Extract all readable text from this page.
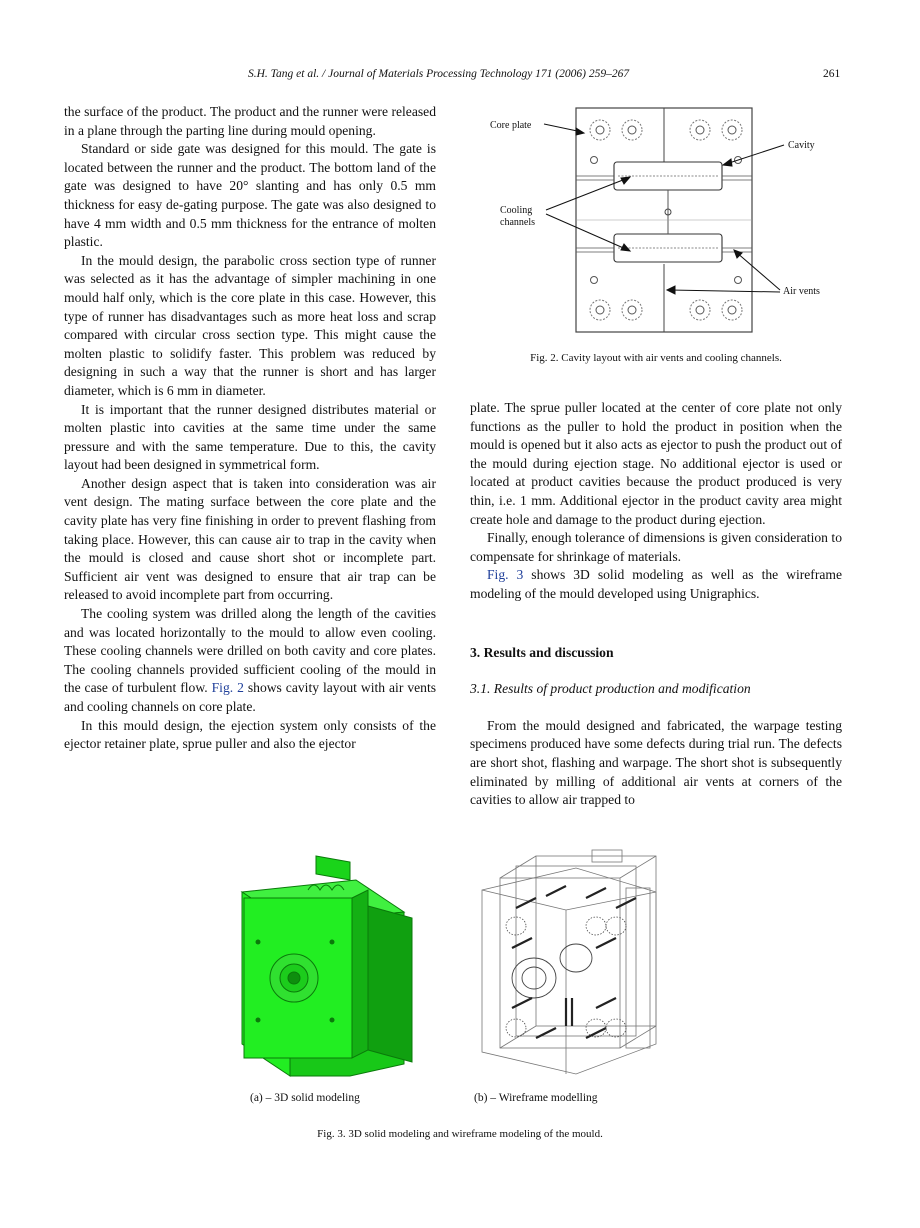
S.H. Tang et al. / Journal of Materials Processing Technology 171 (2006) 259–267	261

the surface of the product. The product and the runner were released in a plane through the parting line during mould opening.

Standard or side gate was designed for this mould. The gate is located between the runner and the product. The bottom land of the gate was designed to have 20° slanting and has only 0.5 mm thickness for easy de-gating purpose. The gate was also designed to have 4 mm width and 0.5 mm thickness for the entrance of molten plastic.

In the mould design, the parabolic cross section type of runner was selected as it has the advantage of simpler machining in one mould half only, which is the core plate in this case. However, this type of runner has disadvantages such as more heat loss and scrap compared with circular cross section type. This might cause the molten plastic to solidify faster. This problem was reduced by designing in such a way that the runner is short and has larger diameter, which is 6 mm in diameter.

It is important that the runner designed distributes material or molten plastic into cavities at the same time under the same pressure and with the same temperature. Due to this, the cavity layout had been designed in symmetrical form.

Another design aspect that is taken into consideration was air vent design. The mating surface between the core plate and the cavity plate has very fine finishing in order to prevent flashing from taking place. However, this can cause air to trap in the cavity when the mould is closed and cause short shot or incomplete part. Sufficient air vent was designed to ensure that air trap can be released to avoid incomplete part from occurring.

The cooling system was drilled along the length of the cavities and was located horizontally to the mould to allow even cooling. These cooling channels were drilled on both cavity and core plates. The cooling channels provided sufficient cooling of the mould in the case of turbulent flow. Fig. 2 shows cavity layout with air vents and cooling channels on core plate.

In this mould design, the ejection system only consists of the ejector retainer plate, sprue puller and also the ejector

Core plate
Cavity
Cooling
channels
Air vents
Fig. 2. Cavity layout with air vents and cooling channels.

plate. The sprue puller located at the center of core plate not only functions as the puller to hold the product in position when the mould is opened but it also acts as ejector to push the product out of the mould during ejection stage. No additional ejector is used or located at product cavities because the product produced is very thin, i.e. 1 mm. Additional ejector in the product cavity area might create hole and damage to the product during ejection.

Finally, enough tolerance of dimensions is given consideration to compensate for shrinkage of materials.

Fig. 3 shows 3D solid modeling as well as the wireframe modeling of the mould developed using Unigraphics.

3. Results and discussion

3.1. Results of product production and modification

From the mould designed and fabricated, the warpage testing specimens produced have some defects during trial run. The defects are short shot, flashing and warpage. The short shot is subsequently eliminated by milling of additional air vents at corners of the cavities to allow air trapped to

(a) – 3D solid modeling	(b) – Wireframe modelling
Fig. 3. 3D solid modeling and wireframe modeling of the mould.
